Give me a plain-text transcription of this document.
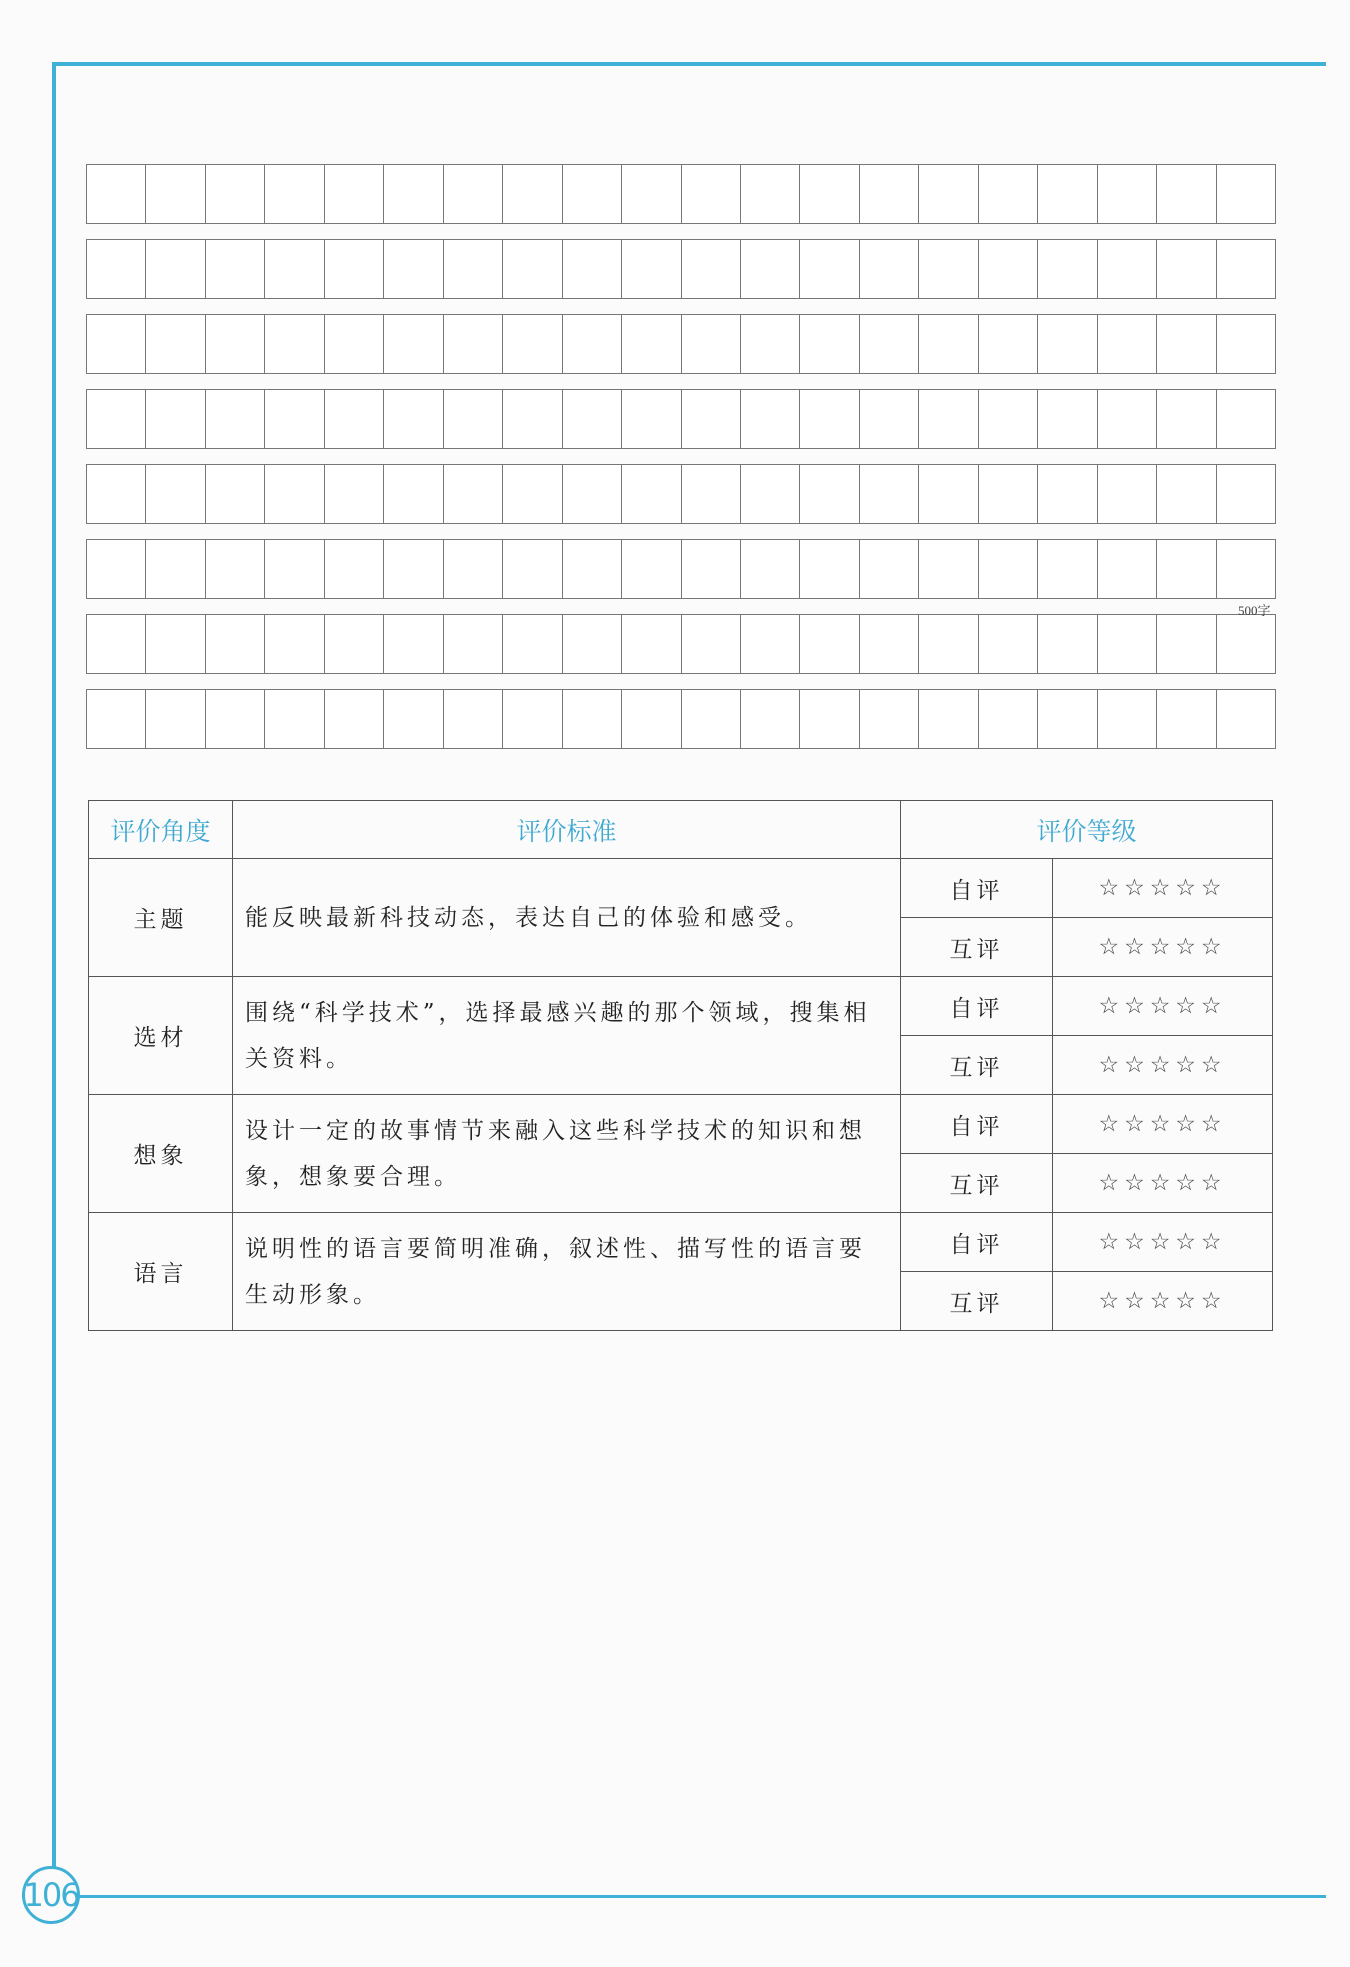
500字
评价角度	评价标准	评价等级	
主题	能反映最新科技动态，表达自己的体验和感受。	自评	☆☆☆☆☆
		互评	☆☆☆☆☆
选材	围绕“科学技术”，选择最感兴趣的那个领域，搜集相关资料。	自评	☆☆☆☆☆
		互评	☆☆☆☆☆
想象	设计一定的故事情节来融入这些科学技术的知识和想象，想象要合理。	自评	☆☆☆☆☆
		互评	☆☆☆☆☆
语言	说明性的语言要简明准确，叙述性、描写性的语言要生动形象。	自评	☆☆☆☆☆
		互评	☆☆☆☆☆
106
